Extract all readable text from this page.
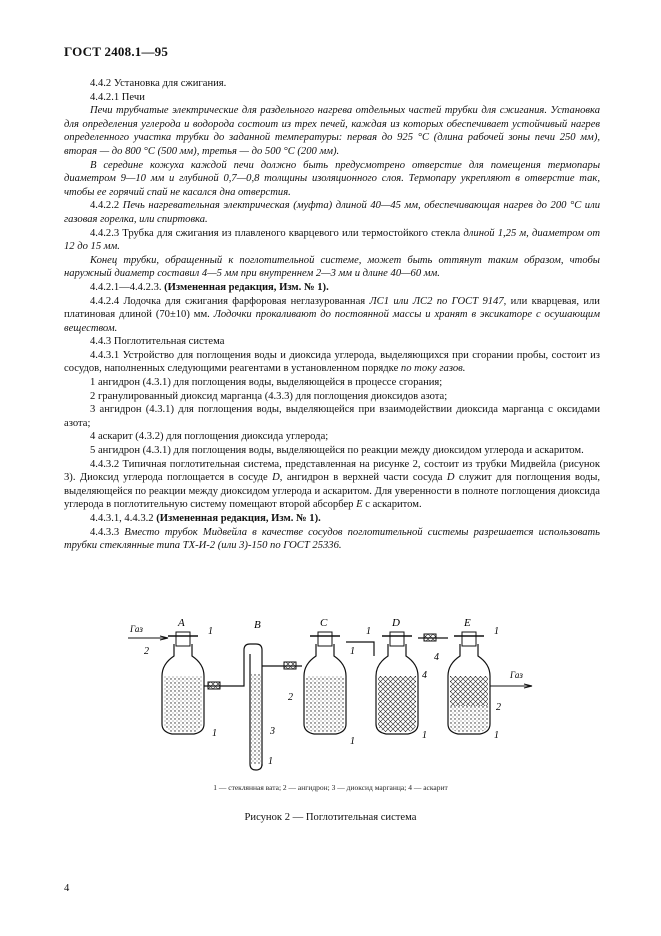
ГОСТ 2408.1—95

4.4.2 Установка для сжигания.

4.4.2.1 Печи

Печи трубчатые электрические для раздельного нагрева отдельных частей трубки для сжигания. Установка для определения углерода и водорода состоит из трех печей, каждая из которых обеспечивает устойчивый нагрев определенного участка трубки до заданной температуры: первая до 925 °С (длина рабочей зоны печи 250 мм), вторая — до 800 °С (500 мм), третья — до 500 °С (200 мм).

В середине кожуха каждой печи должно быть предусмотрено отверстие для помещения термопары диаметром 9—10 мм и глубиной 0,7—0,8 толщины изоляционного слоя. Термопару укрепляют в отверстие так, чтобы ее горячий спай не касался дна отверстия.

4.4.2.2 Печь нагревательная электрическая (муфта) длиной 40—45 мм, обеспечивающая нагрев до 200 °С или газовая горелка, или спиртовка.

4.4.2.3 Трубка для сжигания из плавленого кварцевого или термостойкого стекла длиной 1,25 м, диаметром от 12 до 15 мм.

Конец трубки, обращенный к поглотительной системе, может быть оттянут таким образом, чтобы наружный диаметр составил 4—5 мм при внутреннем 2—3 мм и длине 40—60 мм.

4.4.2.1—4.4.2.3. (Измененная редакция, Изм. № 1).

4.4.2.4 Лодочка для сжигания фарфоровая неглазурованная ЛС1 или ЛС2 по ГОСТ 9147, или кварцевая, или платиновая длиной (70±10) мм. Лодочки прокаливают до постоянной массы и хранят в эксикаторе с осушающим веществом.

4.4.3 Поглотительная система

4.4.3.1 Устройство для поглощения воды и диоксида углерода, выделяющихся при сгорании пробы, состоит из сосудов, наполненных следующими реагентами в установленном порядке по току газов.

1 ангидрон (4.3.1) для поглощения воды, выделяющейся в процессе сгорания;

2 гранулированный диоксид марганца (4.3.3) для поглощения диоксидов азота;

3 ангидрон (4.3.1) для поглощения воды, выделяющейся при взаимодействии диоксида марганца с оксидами азота;

4 аскарит (4.3.2) для поглощения диоксида углерода;

5 ангидрон (4.3.1) для поглощения воды, выделяющейся по реакции между диоксидом углерода и аскаритом.

4.4.3.2 Типичная поглотительная система, представленная на рисунке 2, состоит из трубки Мидвейла (рисунок 3). Диоксид углерода поглощается в сосуде D, ангидрон в верхней части сосуда D служит для поглощения воды, выделяющейся по реакции между диоксидом углерода и аскаритом. Для уверенности в полноте поглощения диоксида углерода в поглотительную систему помещают второй абсорбер E с аскаритом.

4.4.3.1, 4.4.3.2 (Измененная редакция, Изм. № 1).

4.4.3.3 Вместо трубок Мидвейла в качестве сосудов поглотительной системы разрешается использовать трубки стеклянные типа ТХ-И-2 (или 3)-150 по ГОСТ 25336.

A	B	C	D	E
Газ
Газ
1
2
1	3
1
1
2
1
1
4
1
1
4
2
1
1 — стеклянная вата; 2 — ангидрон; 3 — диоксид марганца; 4 — аскарит
Рисунок 2 — Поглотительная система
4
